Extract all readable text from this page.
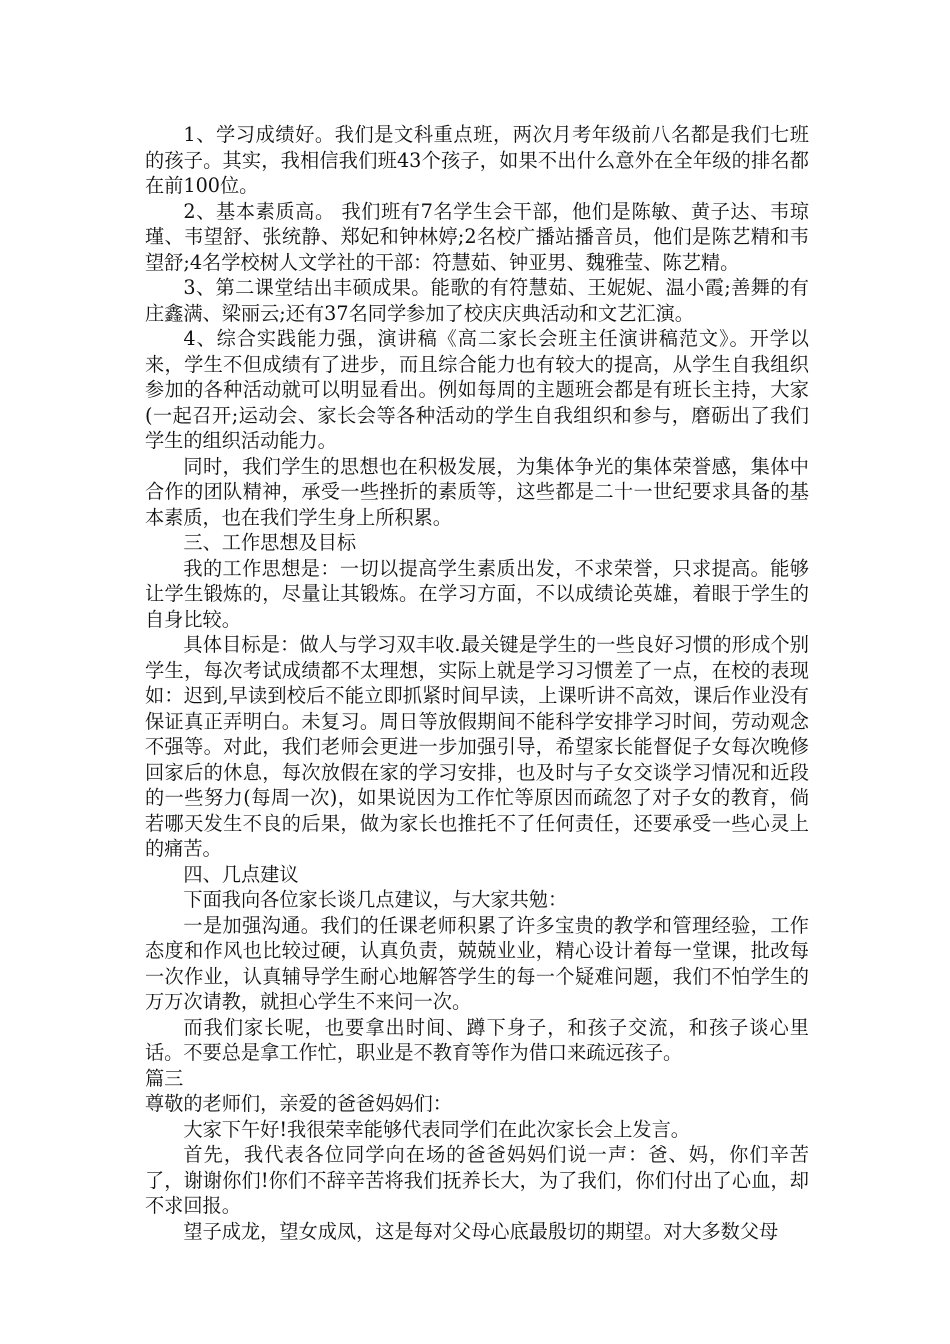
1、学习成绩好。我们是文科重点班，两次月考年级前八名都是我们七班的孩子。其实，我相信我们班43个孩子，如果不出什么意外在全年级的排名都在前100位。

2、基本素质高。 我们班有7名学生会干部，他们是陈敏、黄子达、韦琼瑾、韦望舒、张统静、郑妃和钟林婷;2名校广播站播音员，他们是陈艺精和韦望舒;4名学校树人文学社的干部：符慧茹、钟亚男、魏雅莹、陈艺精。

3、第二课堂结出丰硕成果。能歌的有符慧茹、王妮妮、温小霞;善舞的有庄鑫满、梁丽云;还有37名同学参加了校庆庆典活动和文艺汇演。

4、综合实践能力强，演讲稿《高二家长会班主任演讲稿范文》。开学以来，学生不但成绩有了进步，而且综合能力也有较大的提高，从学生自我组织参加的各种活动就可以明显看出。例如每周的主题班会都是有班长主持，大家(一起召开;运动会、家长会等各种活动的学生自我组织和参与，磨砺出了我们学生的组织活动能力。

同时，我们学生的思想也在积极发展，为集体争光的集体荣誉感，集体中合作的团队精神，承受一些挫折的素质等，这些都是二十一世纪要求具备的基本素质，也在我们学生身上所积累。

三、工作思想及目标

我的工作思想是：一切以提高学生素质出发，不求荣誉，只求提高。能够让学生锻炼的，尽量让其锻炼。在学习方面，不以成绩论英雄，着眼于学生的自身比较。

具体目标是：做人与学习双丰收.最关键是学生的一些良好习惯的形成个别学生，每次考试成绩都不太理想，实际上就是学习习惯差了一点，在校的表现如：迟到,早读到校后不能立即抓紧时间早读，上课听讲不高效，课后作业没有保证真正弄明白。未复习。周日等放假期间不能科学安排学习时间，劳动观念不强等。对此，我们老师会更进一步加强引导，希望家长能督促子女每次晚修回家后的休息，每次放假在家的学习安排，也及时与子女交谈学习情况和近段的一些努力(每周一次)，如果说因为工作忙等原因而疏忽了对子女的教育，倘若哪天发生不良的后果，做为家长也推托不了任何责任，还要承受一些心灵上的痛苦。

四、几点建议

下面我向各位家长谈几点建议，与大家共勉：

一是加强沟通。我们的任课老师积累了许多宝贵的教学和管理经验，工作态度和作风也比较过硬，认真负责，兢兢业业，精心设计着每一堂课，批改每一次作业，认真辅导学生耐心地解答学生的每一个疑难问题，我们不怕学生的万万次请教，就担心学生不来问一次。

而我们家长呢，也要拿出时间、蹲下身子，和孩子交流，和孩子谈心里话。不要总是拿工作忙，职业是不教育等作为借口来疏远孩子。

篇三

尊敬的老师们，亲爱的爸爸妈妈们：

大家下午好!我很荣幸能够代表同学们在此次家长会上发言。

首先，我代表各位同学向在场的爸爸妈妈们说一声：爸、妈，你们辛苦了，谢谢你们!你们不辞辛苦将我们抚养长大，为了我们，你们付出了心血，却不求回报。

望子成龙，望女成凤，这是每对父母心底最殷切的期望。对大多数父母
